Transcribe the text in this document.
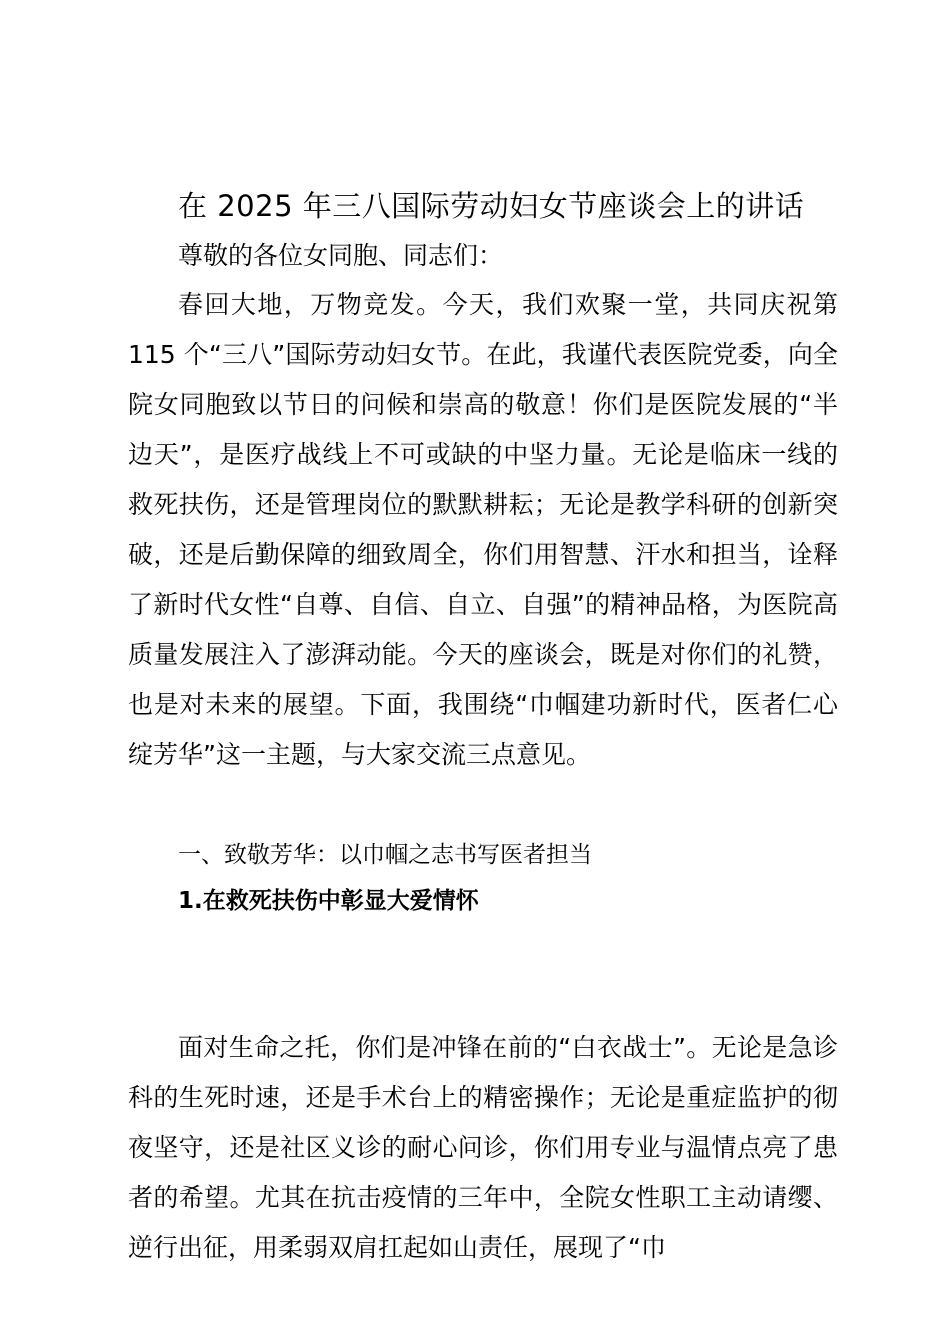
在 2025 年三八国际劳动妇女节座谈会上的讲话
尊敬的各位女同胞、同志们：

春回大地，万物竞发。今天，我们欢聚一堂，共同庆祝第 115 个“三八”国际劳动妇女节。在此，我谨代表医院党委，向全院女同胞致以节日的问候和崇高的敬意！你们是医院发展的“半边天”，是医疗战线上不可或缺的中坚力量。无论是临床一线的救死扶伤，还是管理岗位的默默耕耘；无论是教学科研的创新突破，还是后勤保障的细致周全，你们用智慧、汗水和担当，诠释了新时代女性“自尊、自信、自立、自强”的精神品格，为医院高质量发展注入了澎湃动能。今天的座谈会，既是对你们的礼赞，也是对未来的展望。下面，我围绕“巾帼建功新时代，医者仁心绽芳华”这一主题，与大家交流三点意见。

一、致敬芳华：以巾帼之志书写医者担当
1.在救死扶伤中彰显大爱情怀

面对生命之托，你们是冲锋在前的“白衣战士”。无论是急诊科的生死时速，还是手术台上的精密操作；无论是重症监护的彻夜坚守，还是社区义诊的耐心问诊，你们用专业与温情点亮了患者的希望。尤其在抗击疫情的三年中，全院女性职工主动请缨、逆行出征，用柔弱双肩扛起如山责任，展现了“巾
